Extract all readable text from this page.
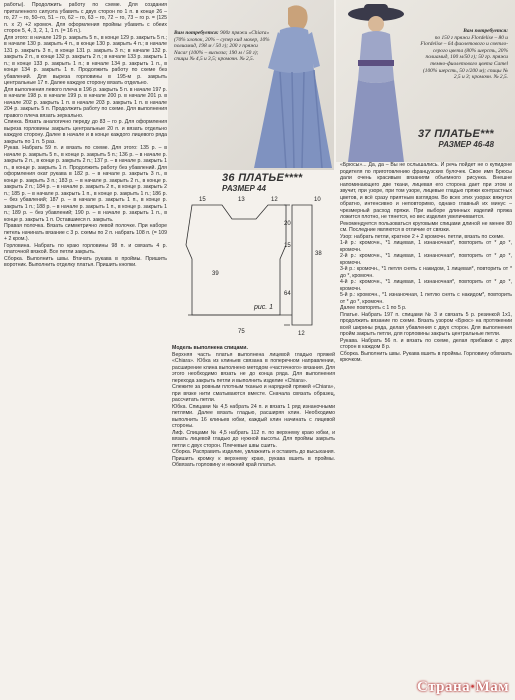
работы). Продолжить работу по схеме. Для создания приталенного силуэта убавить с двух сторон по 1 п. в конце 26 – го, 27 – го, 50–го, 51 – го, 62 – го, 63 – го, 72 – го, 73 – го р. = (125 п. х 2) +2 кромоч. Для оформления проймы убавить с обеих сторон 5, 4, 3, 2, 1, 1 п. (= 16 п.).

Для этого: в начале 129 р. закрыть 5 п., в конце 129 р. закрыть 5 п.; в начале 130 р. закрыть 4 п., в конце 130 р. закрыть 4 п.; в начале 131 р. закрыть 3 п., в конце 131 р. закрыть 3 п.; в начале 132 р. закрыть 2 п., в конце 132 р. закрыть 2 п.; в начале 133 р. закрыть 1 п.; в конце 133 р. закрыть 1 п.; в начале 134 р. закрыть 1 п., в конце 134 р. закрыть 1 п. Продолжить работу по схеме без убавлений. Для выреза горловины в 195-м р. закрыть центральные 17 п. Далее каждую сторону вязать отдельно.

Для выполнения левого плеча в 196 р. закрыть 5 п. в начале 197 р. в начале 198 р. в начале 199 р. в начале 200 р. в начале 201 р. в начале 202 р. закрыть 1 п. в начале 203 р. закрыть 1 п. в начале 204 р. закрыть 5 п. Продолжить работу по схеме. Для выполнения правого плеча вязать зеркально.

Спинка. Вязать аналогично переду до 83 – го р. Для оформления выреза горловины закрыть центральные 20 п. и вязать отдельно каждую сторону. Далее в начале и в конце каждого лицевого ряда закрыть по 1 п. 5 раз.

Рукав. Набрать 59 п. и вязать по схеме. Для этого: 135 р. – в начале р. закрыть 5 п., в конце р. закрыть 5 п.; 136 р. – в начале р. закрыть 2 п., в конце р. закрыть 2 п.; 137 р. – в начале р. закрыть 1 п., в конце р. закрыть 1 п. Продолжить работу без убавлений. Для оформления окат рукава в 182 р. – в начале р. закрыть 3 п., в конце р. закрыть 3 п.; 183 р. – в начале р. закрыть 2 п., в конце р. закрыть 2 п.; 184 р. – в начале р. закрыть 2 п., в конце р. закрыть 2 п.; 185 р. – в начале р. закрыть 1 п., в конце р. закрыть 1 п.; 186 р. – без убавлений; 187 р. – в начале р. закрыть 1 п., в конце р. закрыть 1 п.; 188 р. – в начале р. закрыть 1 п., в конце р. закрыть 1 п.; 189 р. – без убавлений; 190 р. – в начале р. закрыть 1 п., в конце р. закрыть 1 п. Оставшиеся п. закрыть.

Правая полочка. Вязать симметрично левой полочке. При наборе петель начинать вязание с 3 р. схемы по 2 п. набрать 108 п. (= 109 + 2 кром.).

Горловина. Набрать по краю горловины 98 п. и связать 4 р. платочной вязкой. Все петли закрыть.

Сборка. Выполнить швы. Втачать рукава в проймы. Пришить воротник. Выполнить отделку платья. Пришить кнопки.

Вам потребуется: 900г пряжи «Chiara» (70% хлопок, 20% – супер кид мохер, 10% полиамид, 198 м / 50 г); 200 г пряжи Nacar (100% – вискоза; 190 м / 50 г); спицы № 4,5 и 3,5; кромочн. № 2,5.
Вам потребуется:
по 150 г пряжи Flordelise – 80 и Flordelise – 64 фиолетового и светло-серого цвета (80% шерсть, 20% полиамид, 100 м/50 г); 50 гр. пряжи темно-фиолетового цвета Camel (100% шерсть, 50 г/200 м); спицы № 2,5 и 3; кромочн. № 2,5.
36 ПЛАТЬЕ****
РАЗМЕР 44
37 ПЛАТЬЕ***
РАЗМЕР 46-48
15	13	12	10
20
15
64
38
39
75	12
рис. 1

Модель выполнена спицами.

Верхняя часть платья выполнена лицевой гладью пряжей «Chiara». Юбка из клиньев связана в поперечном направлении, расширение клина выполнено методом «частичного» вязания. Для этого необходимо вязать не до конца ряда. Для выполнения перехода закрыть петли и выполнить изделие «Chiara».

Слежите за ровным плотным тканью и нарядной пряжей «Chiara», при вязке нити сматываются вместе. Сначала связать образец, рассчитать петли.

Юбка. Спицами № 4,5 набрать 24 п. и вязать 1 ряд изнаночными петлями. Далее вязать гладью, расширяя клин. Необходимо выполнить 16 клиньев юбки, каждый клин начинать с лицевой стороны.

Лиф. Спицами № 4,5 набрать 112 п. по верхнему краю юбки, и вязать лицевой гладью до нужной высоты. Для проймы закрыть петли с двух сторон. Плечевые швы сшить.

Сборка. Расправить изделие, увлажнить и оставить до высыхания. Пришить кромку к верхнему краю, рукава вшить в проймы. Обвязать горловину и нижний край платья.

«Брюсы»... Да, да – Вы не ослышались. И речь пойдет не о купидоне родителя по приготовлению французских булочек. Свое имя Брюсы дали очень красивым вязаниям объемного рисунка. Внешне напоминающего две ткани, лицевая его сторона дает при этом и звучит, при узоре, при том узоре, лицевые гладью пряжи контрастных цветов, и всё сразу приятным взглядом. Во всех этих узорах вяжутся обратно, интенсивно и неповторимо, однако главный их минус – чрезмерный расход пряжи. При выборе длинных изделий пряжа ложится плотно, не тянется, но вес изделия увеличивается.

Рекомендуется пользоваться круговыми спицами длиной не менее 80 см. Последние являются в отличие от связки.

Узор: набрать петли, кратное 2 + 2 кромочн. петли, вязать по схеме.

1-й р.: кромочн., *1 лицевая, 1 изнаночная*, повторить от * до *, кромочн.

2-й р.: кромочн., *1 лицевая, 1 изнаночная*, повторить от * до *, кромочн.

3-й р.: кромочн., *1 петля снять с накидом, 1 лицевая*, повторить от * до *, кромочн.

4-й р.: кромочн., *1 лицевая, 1 изнаночная*, повторить от * до *, кромочн.

5-й р.: кромочн., *1 изнаночная, 1 петлю снять с накидом*, повторить от * до *, кромочн.

Далее повторять с 1 по 5 р.

Платье. Набрать 197 п. спицами № 3 и связать 5 р. резинкой 1х1, продолжить вязание по схеме. Вязать узором «Брюс» на протяжении всей ширины ряда, делая убавления с двух сторон. Для выполнения пройм закрыть петли, для горловины закрыть центральные петли.

Рукава. Набрать 56 п. и вязать по схеме, делая прибавки с двух сторон в каждом 8 р.

Сборка. Выполнить швы. Рукава вшить в проймы. Горловину обвязать крючком.

Страна·Мам
